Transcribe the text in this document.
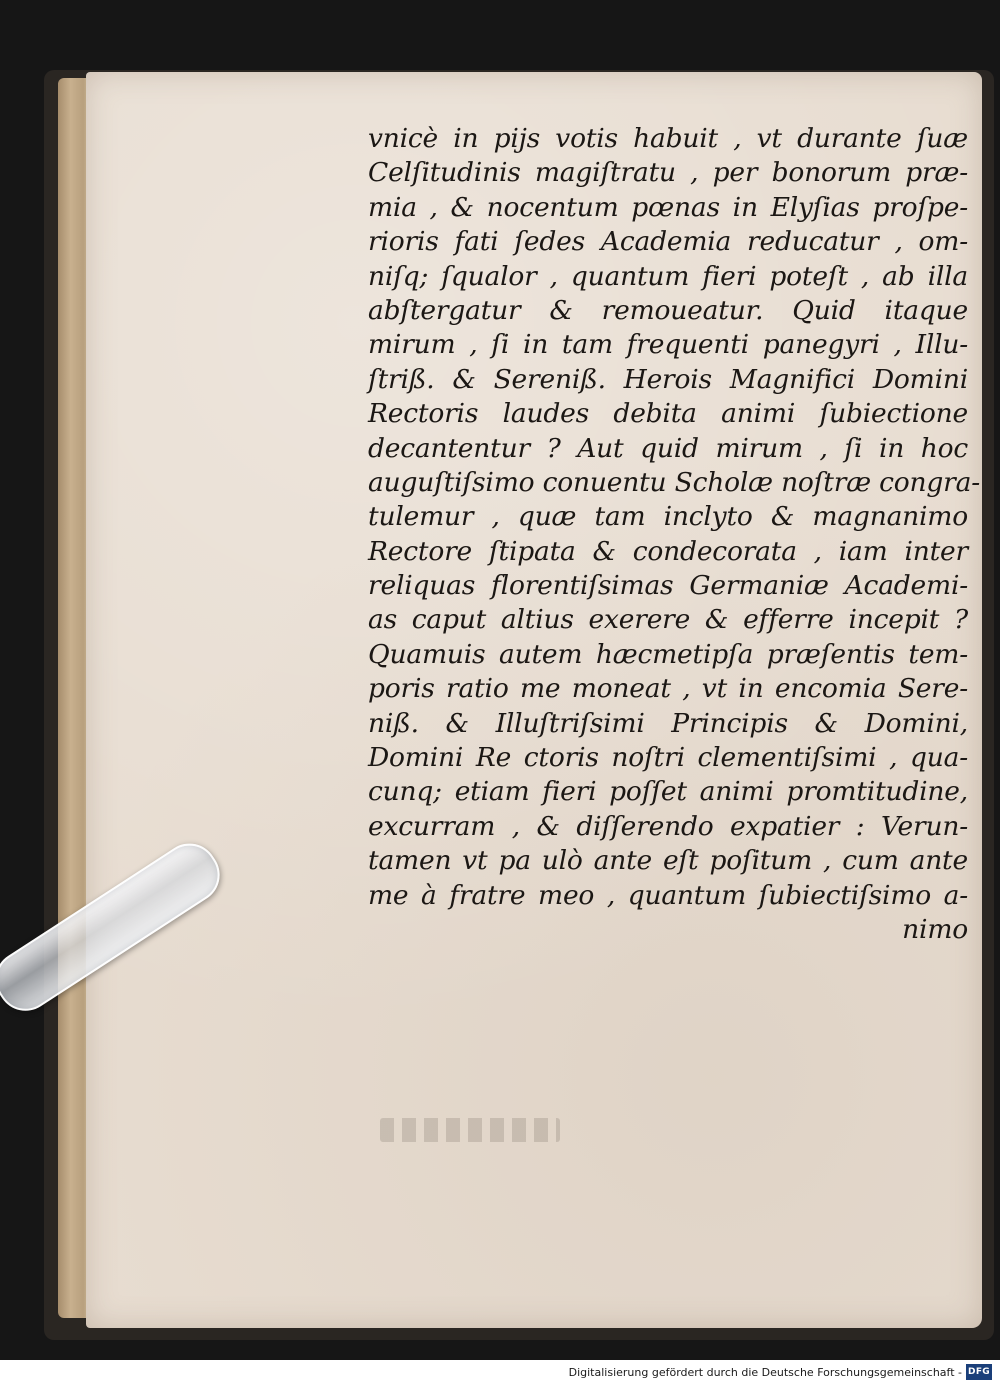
vnicè in pijs votis habuit , vt durante ſuæ
Celſitudinis magiſtratu , per bonorum præ-
mia , & nocentum pœnas in Elyſias proſpe-
rioris fati ſedes Academia reducatur , om-
niſq; ſqualor , quantum fieri poteſt , ab illa
abſtergatur & remoueatur. Quid itaque
mirum , ſi in tam frequenti panegyri , Illu-
ſtriß. & Sereniß. Herois Magnifici Domini
Rectoris laudes debita animi ſubiectione
decantentur ? Aut quid mirum , ſi in hoc
auguſtiſsimo conuentu Scholæ noſtræ congra-
tulemur , quæ tam inclyto & magnanimo
Rectore ſtipata & condecorata , iam inter
reliquas florentiſsimas Germaniæ Academi-
as caput altius exerere & efferre incepit ?
Quamuis autem hæcmetipſa præſentis tem-
poris ratio me moneat , vt in encomia Sere-
niß. & Illuſtriſsimi Principis & Domini,
Domini Re ctoris noſtri clementiſsimi , qua-
cunq; etiam fieri poſſet animi promtitudine,
excurram , & diſſerendo expatier : Verun-
tamen vt pa ulò ante eſt poſitum , cum ante
me à fratre meo , quantum ſubiectiſsimo a-
nimo
Digitalisierung gefördert durch die Deutsche Forschungsgemeinschaft - DFG
